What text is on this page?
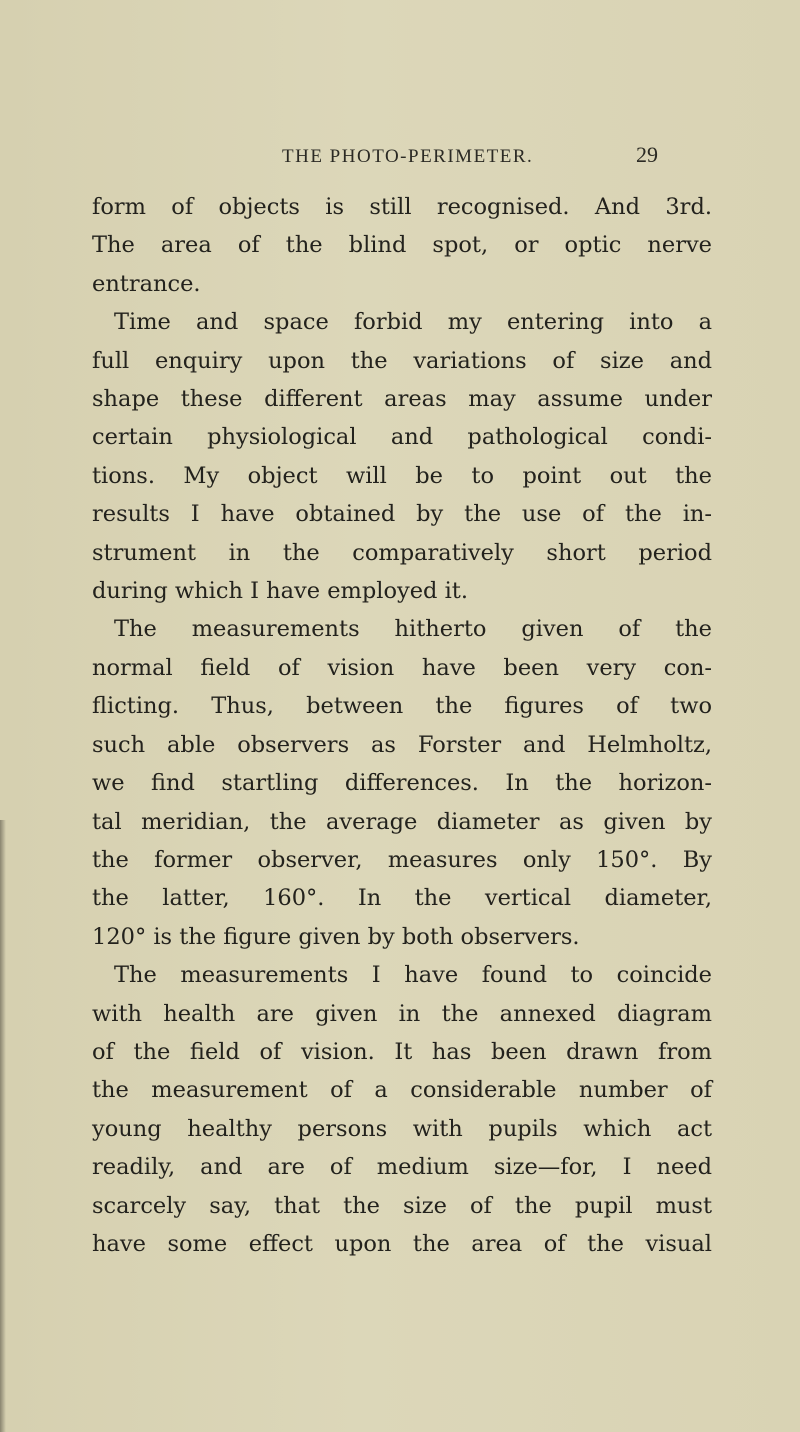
THE PHOTO-PERIMETER.	29
form of objects is still recognised. And 3rd.
The area of the blind spot, or optic nerve
entrance.
Time and space forbid my entering into a
full enquiry upon the variations of size and
shape these different areas may assume under
certain physiological and pathological condi-
tions. My object will be to point out the
results I have obtained by the use of the in-
strument in the comparatively short period
during which I have employed it.
The measurements hitherto given of the
normal field of vision have been very con-
flicting. Thus, between the figures of two
such able observers as Forster and Helmholtz,
we find startling differences. In the horizon-
tal meridian, the average diameter as given by
the former observer, measures only 150°. By
the latter, 160°. In the vertical diameter,
120° is the figure given by both observers.
The measurements I have found to coincide
with health are given in the annexed diagram
of the field of vision. It has been drawn from
the measurement of a considerable number of
young healthy persons with pupils which act
readily, and are of medium size—for, I need
scarcely say, that the size of the pupil must
have some effect upon the area of the visual
